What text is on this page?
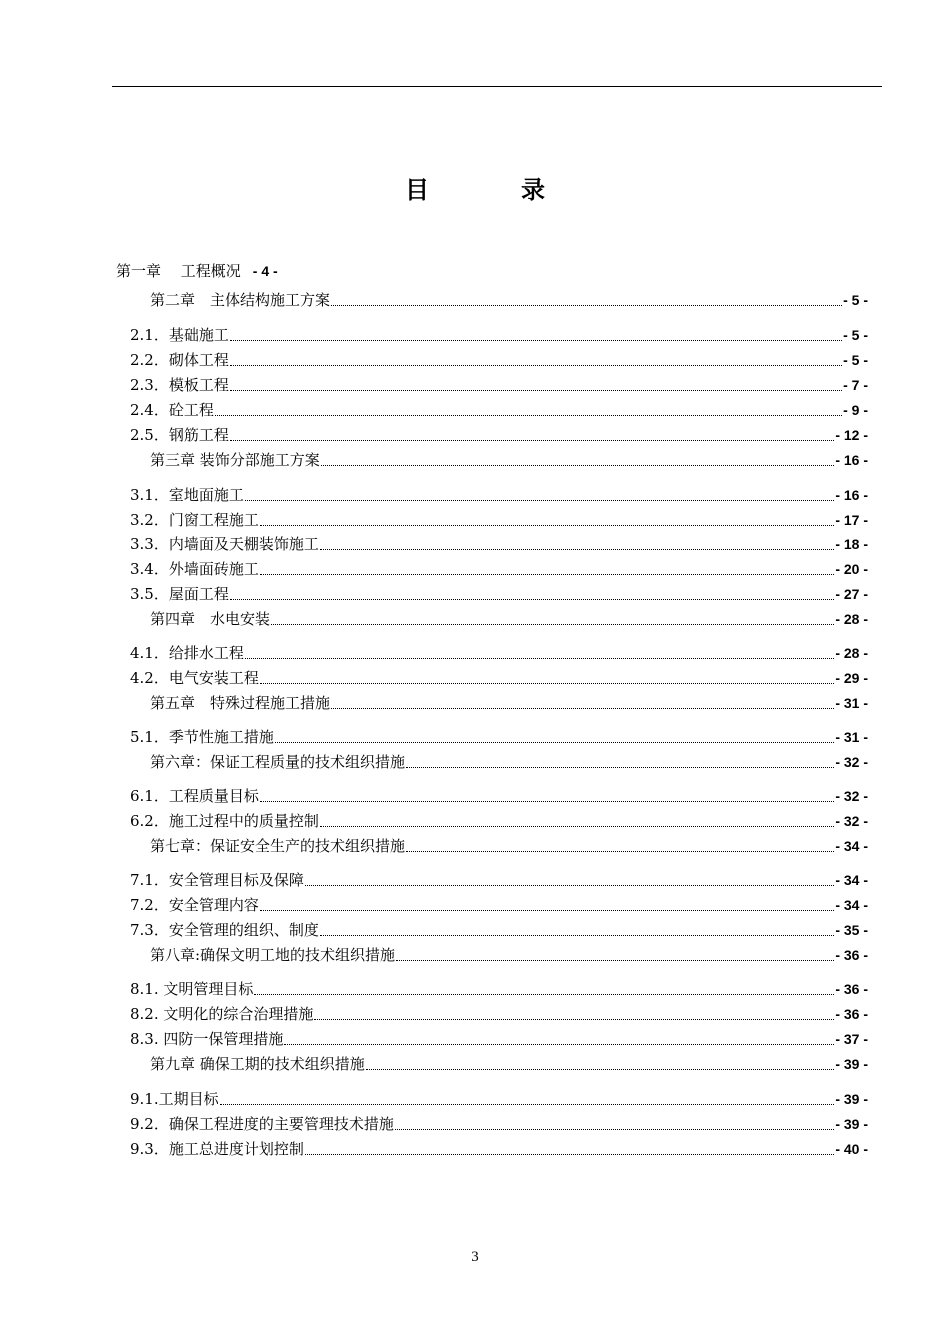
目　录
第一章　 工程概况 - 4 -
第二章　主体结构施工方案	- 5 -
2.1．基础施工	- 5 -
2.2．砌体工程	- 5 -
2.3．模板工程	- 7 -
2.4．砼工程	- 9 -
2.5．钢筋工程	- 12 -
第三章 装饰分部施工方案	- 16 -
3.1．室地面施工	- 16 -
3.2．门窗工程施工	- 17 -
3.3．内墙面及天棚装饰施工	- 18 -
3.4．外墙面砖施工	- 20 -
3.5．屋面工程	- 27 -
第四章　水电安装	- 28 -
4.1．给排水工程	- 28 -
4.2．电气安装工程	- 29 -
第五章　特殊过程施工措施	- 31 -
5.1．季节性施工措施	- 31 -
第六章：保证工程质量的技术组织措施	- 32 -
6.1．工程质量目标	- 32 -
6.2．施工过程中的质量控制	- 32 -
第七章：保证安全生产的技术组织措施	- 34 -
7.1．安全管理目标及保障	- 34 -
7.2．安全管理内容	- 34 -
7.3．安全管理的组织、制度	- 35 -
第八章:确保文明工地的技术组织措施	- 36 -
8.1. 文明管理目标	- 36 -
8.2. 文明化的综合治理措施	- 36 -
8.3. 四防一保管理措施	- 37 -
第九章 确保工期的技术组织措施	- 39 -
9.1.工期目标	- 39 -
9.2．确保工程进度的主要管理技术措施	- 39 -
9.3．施工总进度计划控制	- 40 -
3
